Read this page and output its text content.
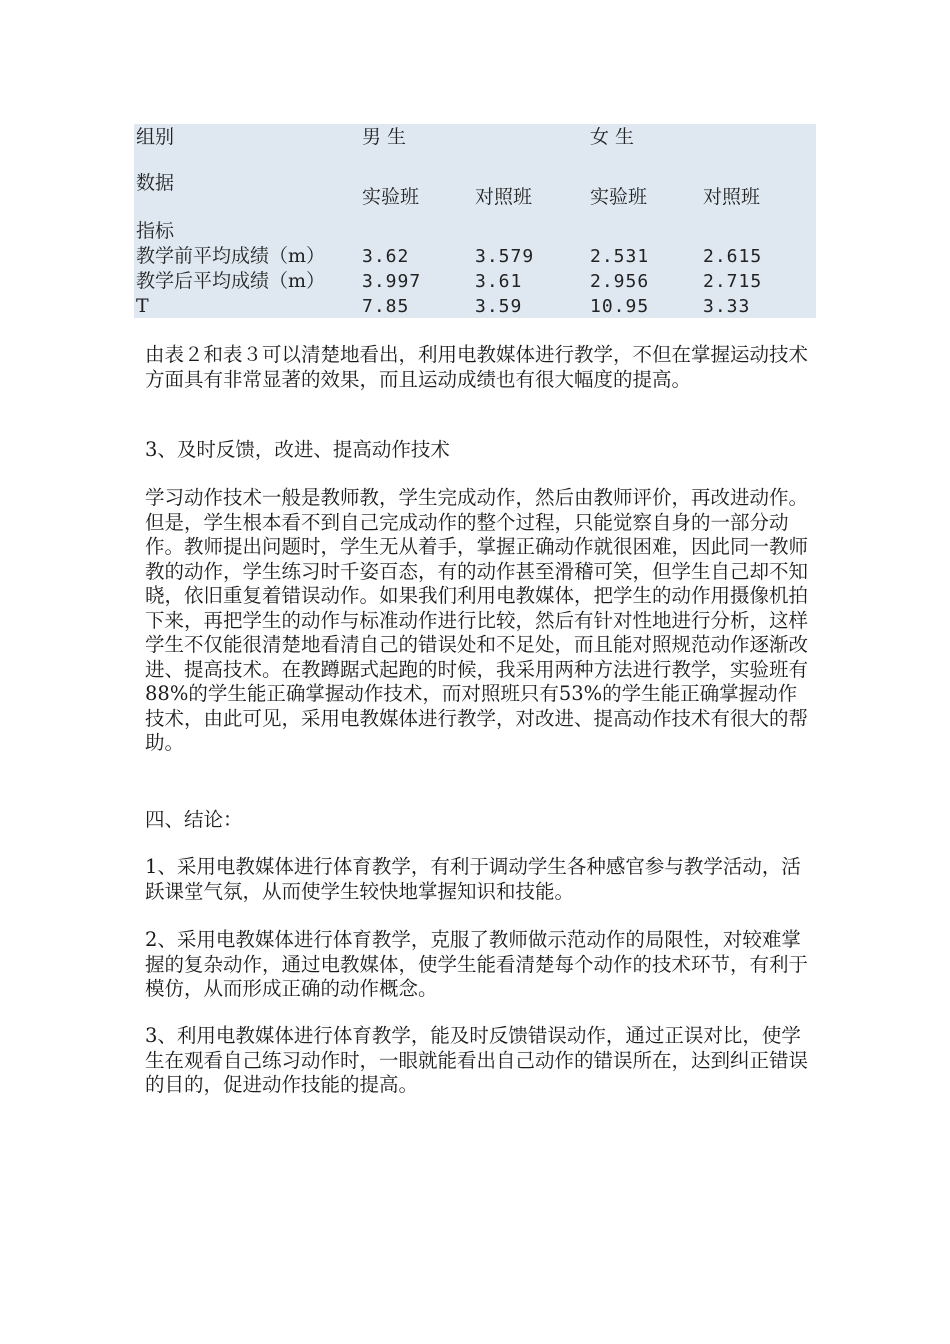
组别	男 生	女 生
数据
实验班	对照班	实验班	对照班
指标
教学前平均成绩（m） 3.62	3.579	2.531	2.615
教学后平均成绩（m） 3.997	3.61	2.956	2.715
T	7.85	3.59	10.95	3.33

由表２和表３可以清楚地看出，利用电教媒体进行教学，不但在掌握运动技术方面具有非常显著的效果，而且运动成绩也有很大幅度的提高。

3、及时反馈，改进、提高动作技术

学习动作技术一般是教师教，学生完成动作，然后由教师评价，再改进动作。但是，学生根本看不到自己完成动作的整个过程，只能觉察自身的一部分动作。教师提出问题时，学生无从着手，掌握正确动作就很困难，因此同一教师教的动作，学生练习时千姿百态，有的动作甚至滑稽可笑，但学生自己却不知晓，依旧重复着错误动作。如果我们利用电教媒体，把学生的动作用摄像机拍下来，再把学生的动作与标准动作进行比较，然后有针对性地进行分析，这样学生不仅能很清楚地看清自己的错误处和不足处，而且能对照规范动作逐渐改进、提高技术。在教蹲踞式起跑的时候，我采用两种方法进行教学，实验班有88%的学生能正确掌握动作技术，而对照班只有53%的学生能正确掌握动作技术，由此可见，采用电教媒体进行教学，对改进、提高动作技术有很大的帮助。

四、结论：

1、采用电教媒体进行体育教学，有利于调动学生各种感官参与教学活动，活跃课堂气氛，从而使学生较快地掌握知识和技能。

2、采用电教媒体进行体育教学，克服了教师做示范动作的局限性，对较难掌握的复杂动作，通过电教媒体，使学生能看清楚每个动作的技术环节，有利于模仿，从而形成正确的动作概念。

3、利用电教媒体进行体育教学，能及时反馈错误动作，通过正误对比，使学生在观看自己练习动作时，一眼就能看出自己动作的错误所在，达到纠正错误的目的，促进动作技能的提高。
